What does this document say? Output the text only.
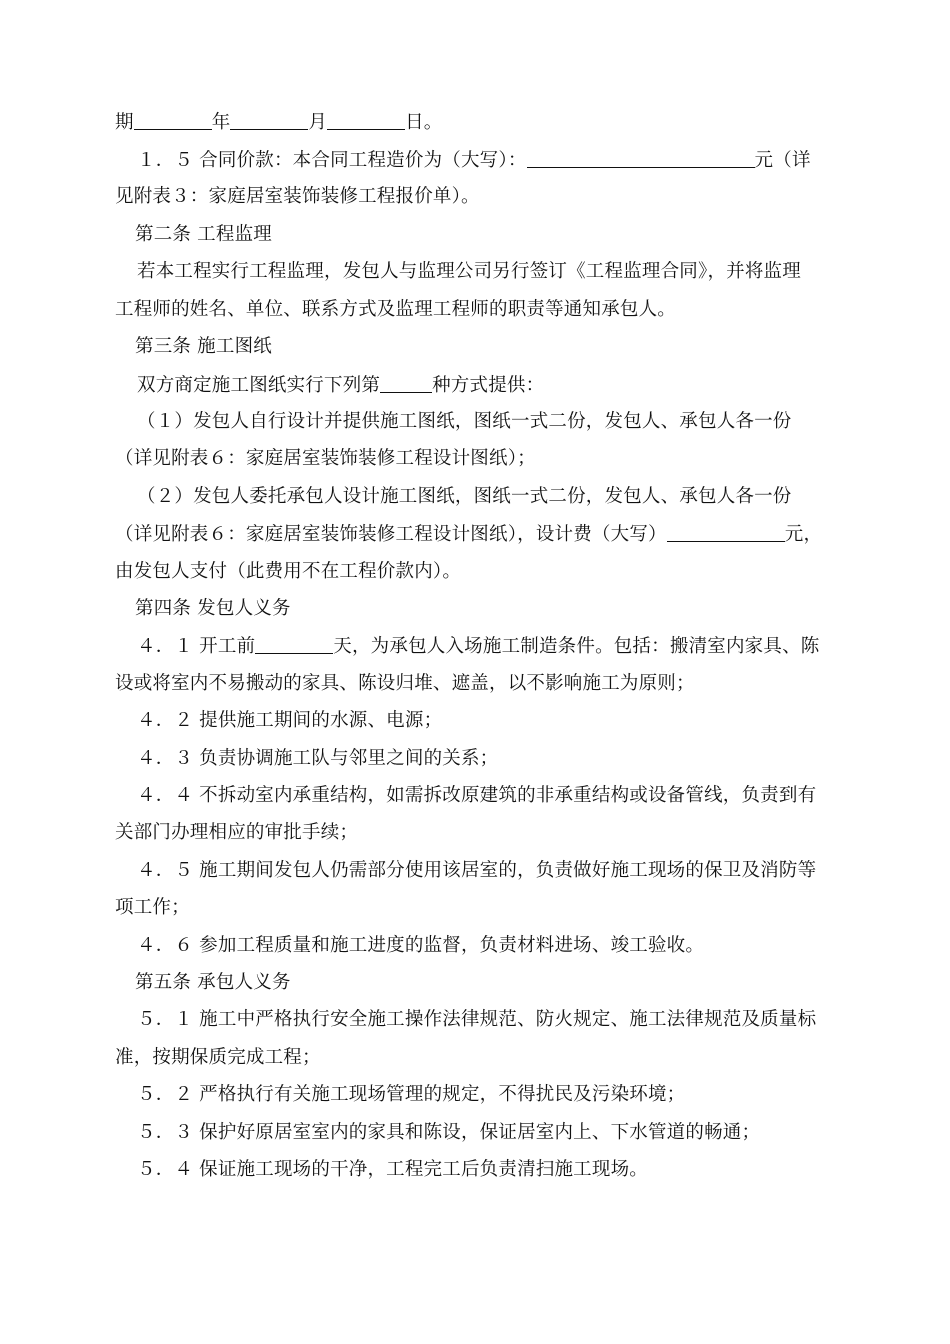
期	年	月	日。
１．５ 合同价款：本合同工程造价为（大写）：	元（详
见附表３：家庭居室装饰装修工程报价单）。
第二条 工程监理
若本工程实行工程监理，发包人与监理公司另行签订《工程监理合同》，并将监理
工程师的姓名、单位、联系方式及监理工程师的职责等通知承包人。
第三条 施工图纸
双方商定施工图纸实行下列第	种方式提供：
（１）发包人自行设计并提供施工图纸，图纸一式二份，发包人、承包人各一份
（详见附表６：家庭居室装饰装修工程设计图纸）；
（２）发包人委托承包人设计施工图纸，图纸一式二份，发包人、承包人各一份
（详见附表６：家庭居室装饰装修工程设计图纸），设计费（大写）	元，
由发包人支付（此费用不在工程价款内）。
第四条 发包人义务
４．１ 开工前	天，为承包人入场施工制造条件。包括：搬清室内家具、陈
设或将室内不易搬动的家具、陈设归堆、遮盖，以不影响施工为原则；
４．２ 提供施工期间的水源、电源；
４．３ 负责协调施工队与邻里之间的关系；
４．４ 不拆动室内承重结构，如需拆改原建筑的非承重结构或设备管线，负责到有
关部门办理相应的审批手续；
４．５ 施工期间发包人仍需部分使用该居室的，负责做好施工现场的保卫及消防等
项工作；
４．６ 参加工程质量和施工进度的监督，负责材料进场、竣工验收。
第五条 承包人义务
５．１ 施工中严格执行安全施工操作法律规范、防火规定、施工法律规范及质量标
准，按期保质完成工程；
５．２ 严格执行有关施工现场管理的规定，不得扰民及污染环境；
５．３ 保护好原居室室内的家具和陈设，保证居室内上、下水管道的畅通；
５．４ 保证施工现场的干净，工程完工后负责清扫施工现场。
